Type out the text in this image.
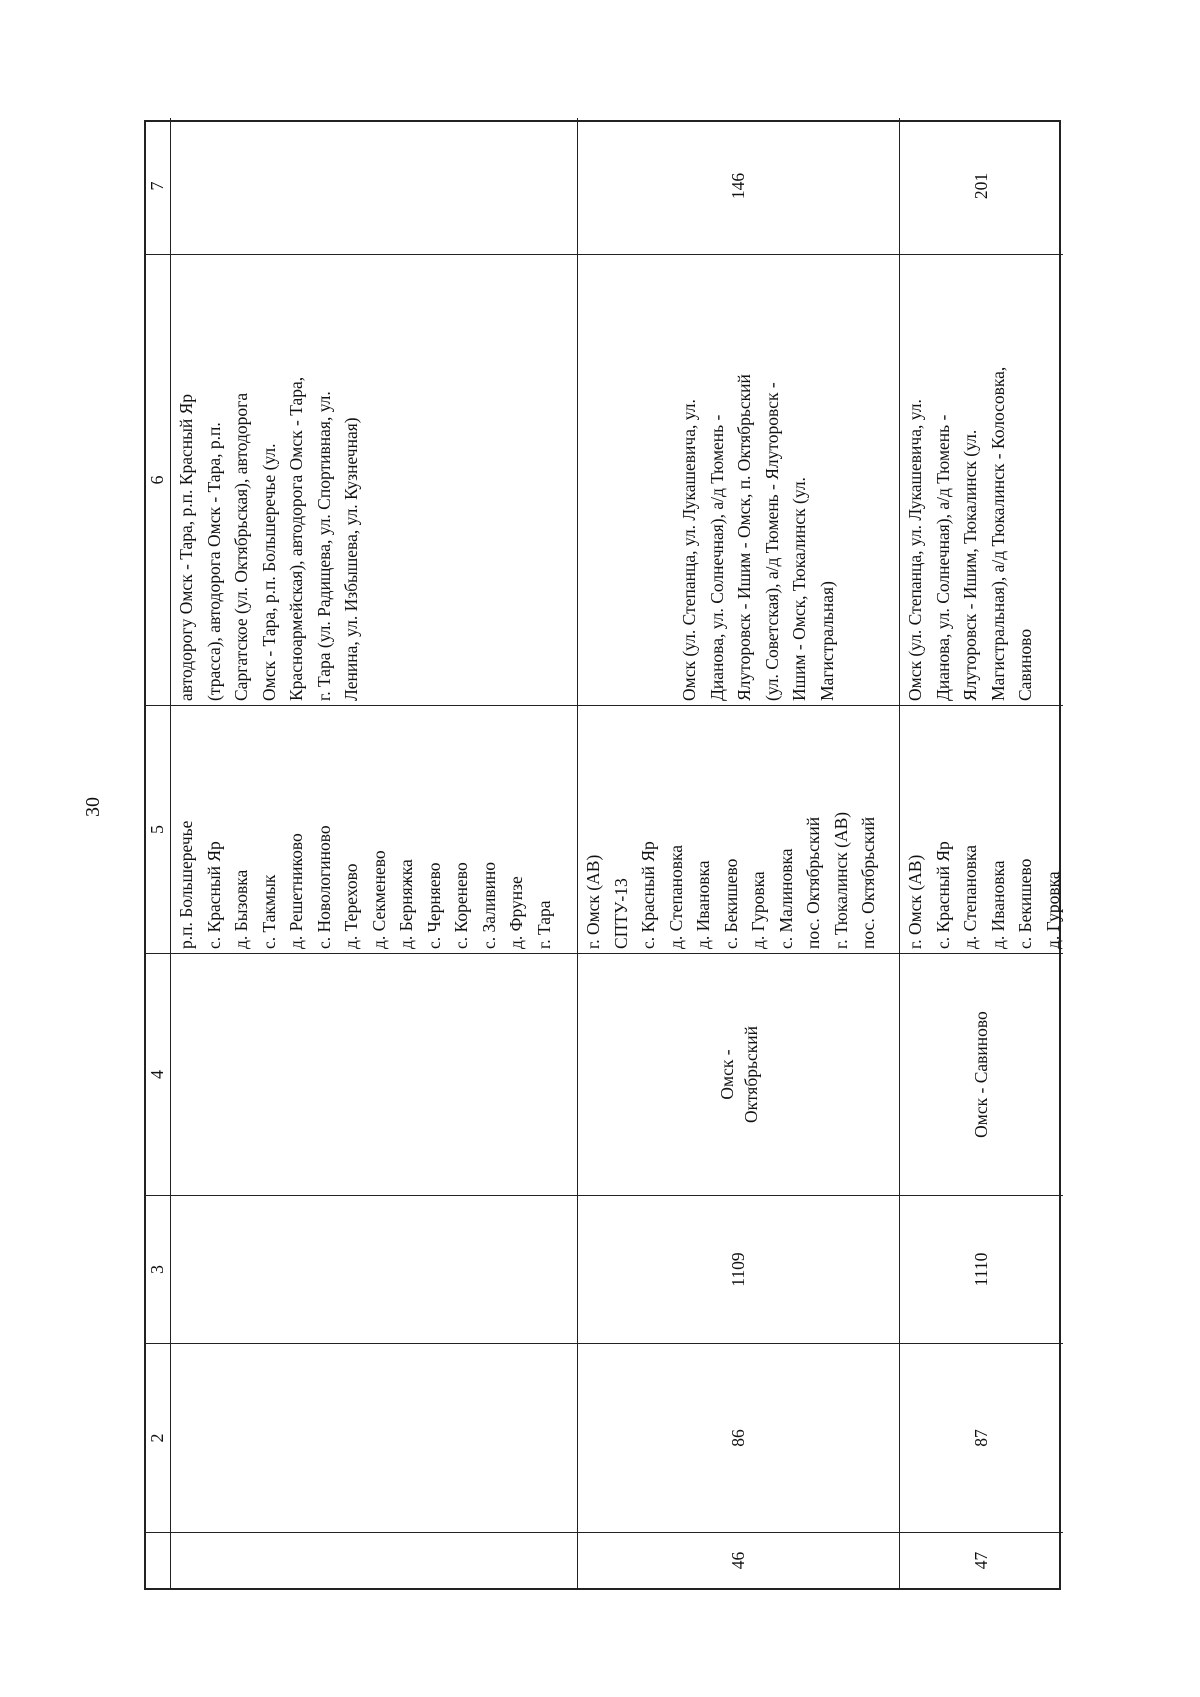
30
2
3
4
5
6
7
р.п. Большеречье с. Красный Яр д. Бызовка с. Такмык д. Решетниково с. Новологиново д. Терехово д. Секменево д. Берняжка с. Черняево с. Кореневo с. Заливино д. Фрунзе г. Тара
автодорогу Омск - Тара, р.п. Красный Яр (трасса), автодорога Омск - Тара, р.п. Саргатское (ул. Октябрьская), автодорога Омск - Тара, р.п. Большеречье (ул. Красноармейская), автодорога Омск - Тара, г. Тара (ул. Радищева, ул. Спортивная, ул. Ленина, ул. Избышева, ул. Кузнечная)
46
86
1109
Омск - Октябрьский
г. Омск (АВ) СПТУ-13 с. Красный Яр д. Степановка д. Ивановка с. Бекишево д. Гуровка с. Малиновка пос. Октябрьский г. Тюкалинск (АВ) пос. Октябрьский
Омск (ул. Степанца, ул. Лукашевича, ул. Дианова, ул. Солнечная), а/д Тюмень - Ялуторовск - Ишим - Омск, п. Октябрьский (ул. Советская), а/д Тюмень - Ялуторовск - Ишим - Омск, Тюкалинск (ул. Магистральная)
146
47
87
1110
Омск - Савиново
г. Омск (АВ) с. Красный Яр д. Степановка д. Ивановка с. Бекишево д. Гуровка
Омск (ул. Степанца, ул. Лукашевича, ул. Дианова, ул. Солнечная), а/д Тюмень - Ялуторовск - Ишим, Тюкалинск (ул. Магистральная), а/д Тюкалинск - Колосовка, Савиново
201
